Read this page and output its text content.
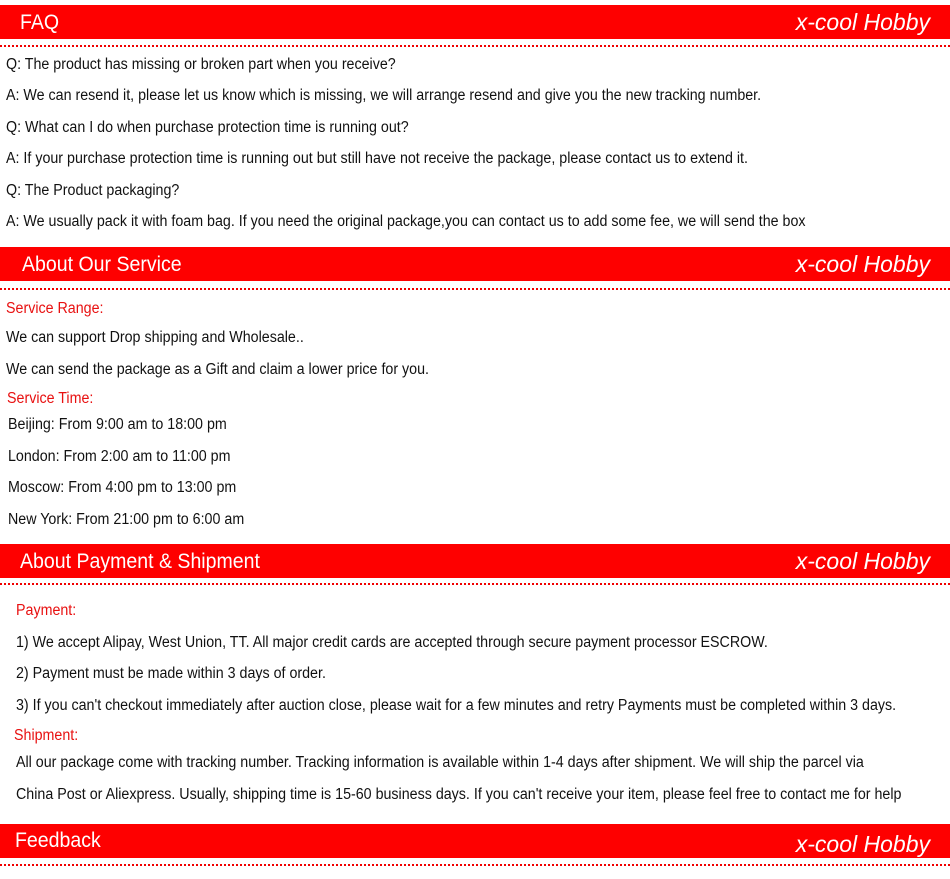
FAQ	x-cool Hobby
Q: The product has missing or broken part when you receive?
A: We can resend it, please let us know which is missing, we will arrange resend and give you the new tracking number.
Q: What can I do when purchase protection time is running out?
A: If your purchase protection time is running out but still have not receive the package, please contact us to extend it.
Q: The Product packaging?
A: We usually pack it with foam bag. If you need the original package,you can contact us to add some fee, we will send the box
About Our Service	x-cool Hobby
Service Range:
We can support Drop shipping and Wholesale..
We can send the package as a Gift and claim a lower price for you.
Service Time:
Beijing: From 9:00 am to 18:00 pm
London: From 2:00 am to 11:00 pm
Moscow: From 4:00 pm to 13:00 pm
New York: From 21:00 pm to 6:00 am
About Payment & Shipment	x-cool Hobby
Payment:
1) We accept Alipay, West Union, TT. All major credit cards are accepted through secure payment processor ESCROW.
2) Payment must be made within 3 days of order.
3) If you can't checkout immediately after auction close, please wait for a few minutes and retry Payments must be completed within 3 days.
Shipment:
All our package come with tracking number. Tracking information is available within 1-4 days after shipment. We will ship the parcel via
China Post or Aliexpress. Usually, shipping time is 15-60 business days. If you can't receive your item, please feel free to contact me for help
Feedback	x-cool Hobby
